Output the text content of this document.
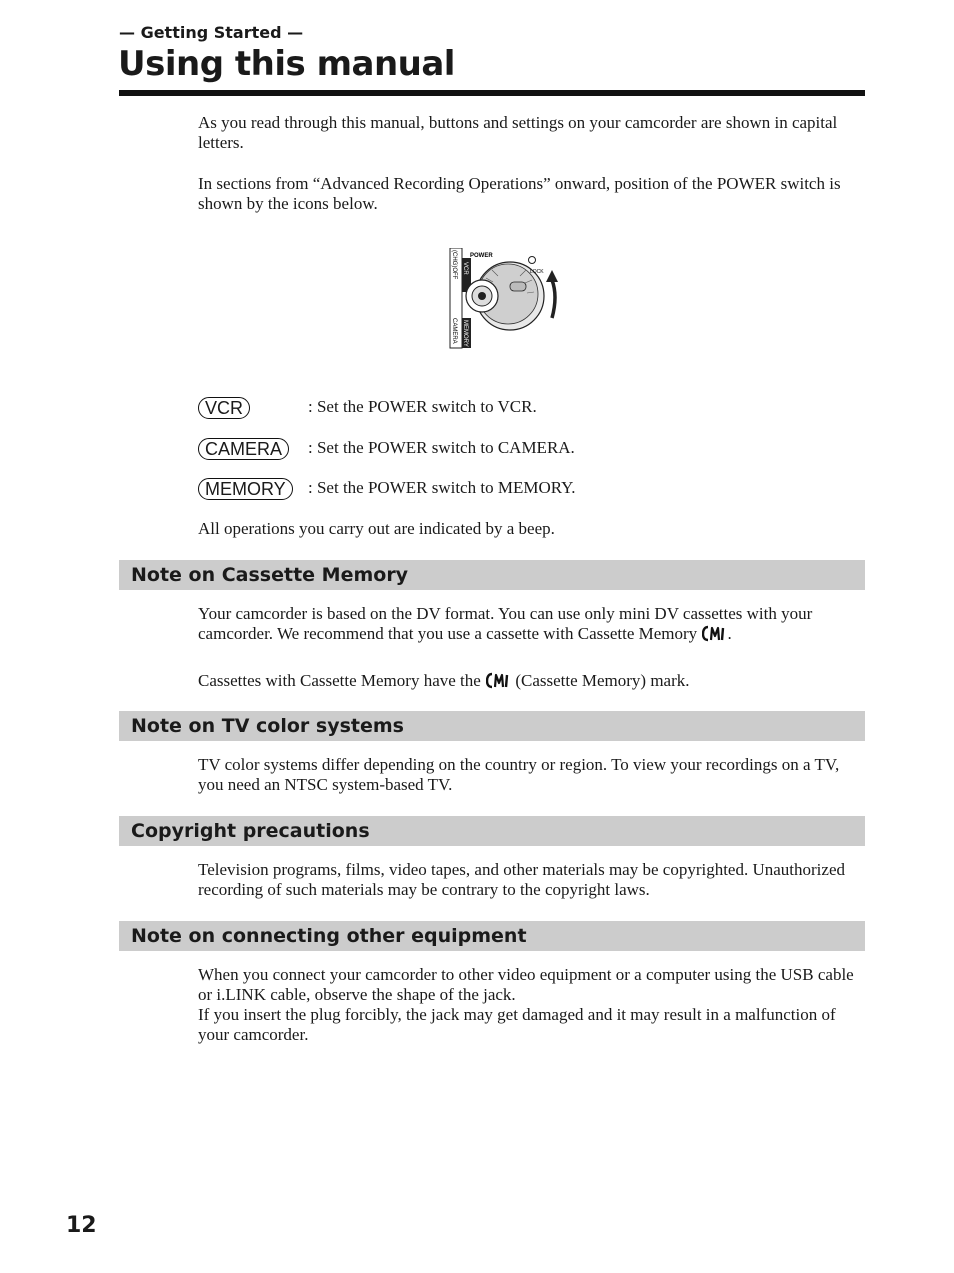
— Getting Started —
Using this manual

As you read through this manual, buttons and settings on your camcorder are shown in capital letters.

In sections from “Advanced Recording Operations” onward, position of the POWER switch is shown by the icons below.

(CHG)OFF VCR
CAMERA MEMORY
POWER
LOCK
VCR	: Set the POWER switch to VCR.
CAMERA	: Set the POWER switch to CAMERA.
MEMORY	: Set the POWER switch to MEMORY.

All operations you carry out are indicated by a beep.

Note on Cassette Memory

Your camcorder is based on the DV format. You can use only mini DV cassettes with your camcorder. We recommend that you use a cassette with Cassette Memory .

Cassettes with Cassette Memory have the (Cassette Memory) mark.

Note on TV color systems

TV color systems differ depending on the country or region. To view your recordings on a TV, you need an NTSC system-based TV.

Copyright precautions

Television programs, films, video tapes, and other materials may be copyrighted. Unauthorized recording of such materials may be contrary to the copyright laws.

Note on connecting other equipment

When you connect your camcorder to other video equipment or a computer using the USB cable or i.LINK cable, observe the shape of the jack.

If you insert the plug forcibly, the jack may get damaged and it may result in a malfunction of your camcorder.

12
